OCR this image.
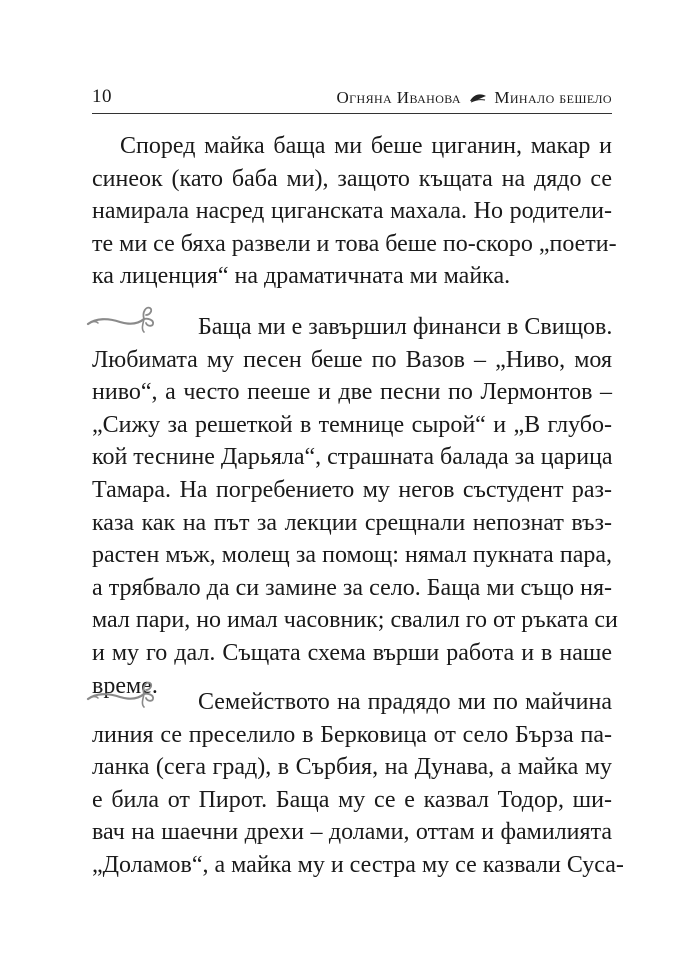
10	Огняна Иванова Минало бешело

Според майка баща ми беше циганин, макар и
синеок (като баба ми), защото къщата на дядо се
намирала насред циганската махала. Но родители-
те ми се бяха развели и това беше по-скоро „поети-
ка лиценция“ на драматичната ми майка.

Бащa ми е завършил финанси в Свищов.
Любимата му песен беше по Вазов – „Ниво, моя
ниво“, а често пееше и две песни по Лермонтов –
„Сижу за решеткой в темнице сырой“ и „В глубо-
кой теснине Дарьяла“, страшната балада за царица
Тамара. На погребението му негов състудент раз-
каза как на път за лекции срещнали непознат въз-
растен мъж, молещ за помощ: нямал пукната пара,
а трябвало да си замине за село. Баща ми също ня-
мал пари, но имал часовник; свалил го от ръката си
и му го дал. Същата схема върши работа и в наше
време.

Семейството на прадядо ми по майчина
линия се преселило в Берковица от село Бърза па-
ланка (сега град), в Сърбия, на Дунава, а майка му
е била от Пирот. Баща му се е казвал Тодор, ши-
вач на шаечни дрехи – долами, оттам и фамилията
„Доламов“, а майка му и сестра му се казвали Суса-
